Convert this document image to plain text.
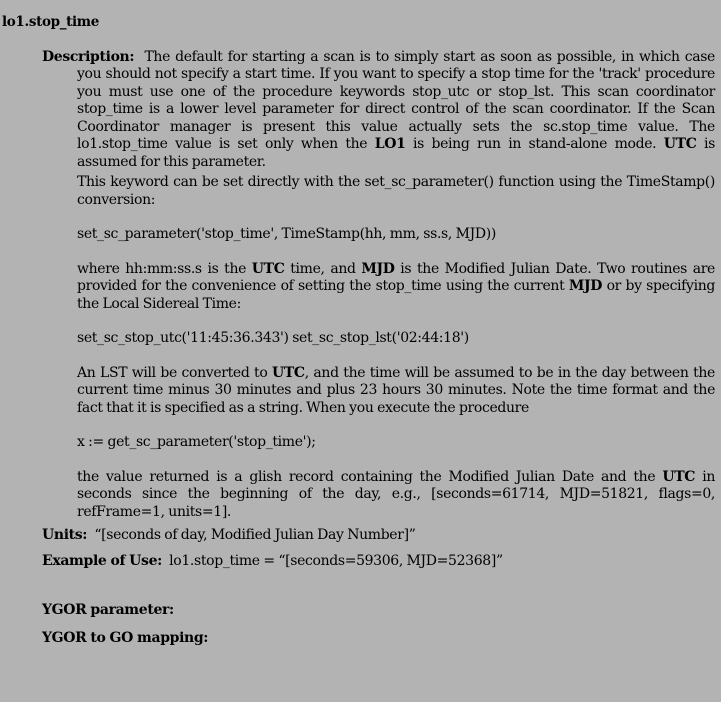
lo1.stop_time

Description: The default for starting a scan is to simply start as soon as possible, in which case you should not specify a start time. If you want to specify a stop time for the 'track' procedure you must use one of the procedure keywords stop_utc or stop_lst. This scan coordinator stop_time is a lower level parameter for direct control of the scan coordinator. If the Scan Coordinator manager is present this value actually sets the sc.stop_time value. The lo1.stop_time value is set only when the LO1 is being run in stand-alone mode. UTC is assumed for this parameter.

This keyword can be set directly with the set_sc_parameter() function using the TimeStamp() conversion:

set_sc_parameter('stop_time', TimeStamp(hh, mm, ss.s, MJD))

where hh:mm:ss.s is the UTC time, and MJD is the Modified Julian Date. Two routines are provided for the convenience of setting the stop_time using the current MJD or by specifying the Local Sidereal Time:

set_sc_stop_utc('11:45:36.343') set_sc_stop_lst('02:44:18')

An LST will be converted to UTC, and the time will be assumed to be in the day between the current time minus 30 minutes and plus 23 hours 30 minutes. Note the time format and the fact that it is specified as a string. When you execute the procedure

x := get_sc_parameter('stop_time');

the value returned is a glish record containing the Modified Julian Date and the UTC in seconds since the beginning of the day, e.g., [seconds=61714, MJD=51821, flags=0, refFrame=1, units=1].

Units: “[seconds of day, Modified Julian Day Number]”
Example of Use: lo1.stop_time = “[seconds=59306, MJD=52368]”
YGOR parameter:
YGOR to GO mapping:
